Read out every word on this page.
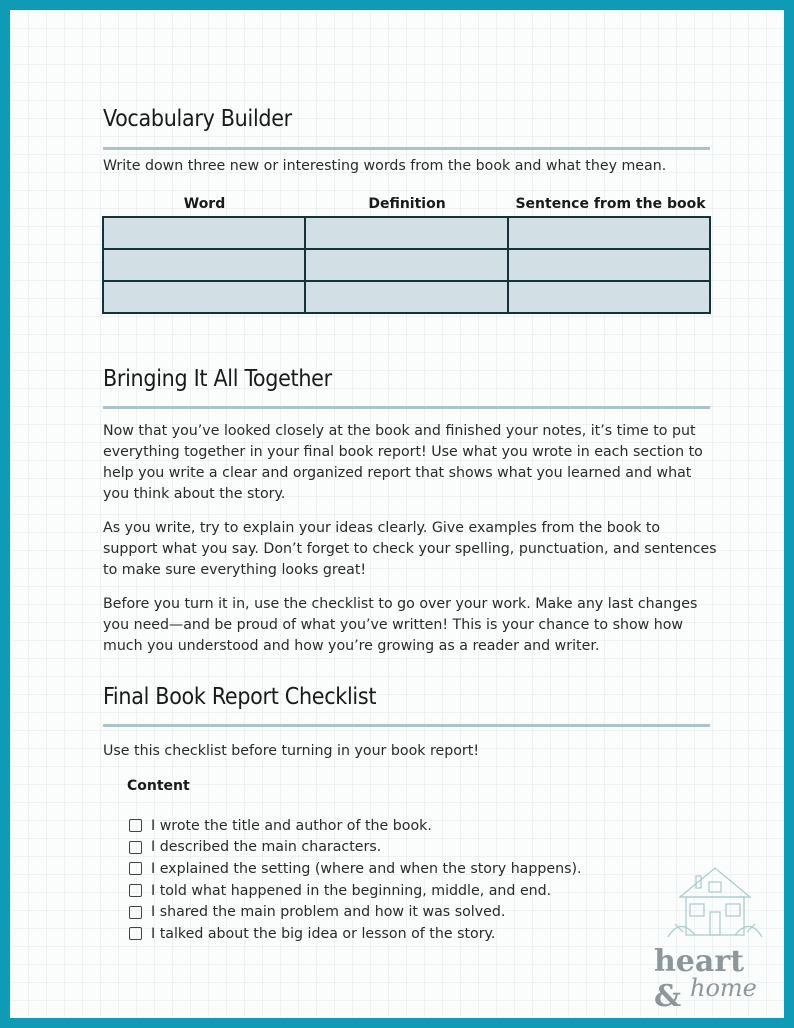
Vocabulary Builder

Write down three new or interesting words from the book and what they mean.

Word	Definition	Sentence from the book

Bringing It All Together

Now that you’ve looked closely at the book and finished your notes, it’s time to put everything together in your final book report! Use what you wrote in each section to help you write a clear and organized report that shows what you learned and what you think about the story.

As you write, try to explain your ideas clearly. Give examples from the book to support what you say. Don’t forget to check your spelling, punctuation, and sentences to make sure everything looks great!

Before you turn it in, use the checklist to go over your work. Make any last changes you need—and be proud of what you’ve written! This is your chance to show how much you understood and how you’re growing as a reader and writer.

Final Book Report Checklist

Use this checklist before turning in your book report!

Content
I wrote the title and author of the book.
I described the main characters.
I explained the setting (where and when the story happens).
I told what happened in the beginning, middle, and end.
I shared the main problem and how it was solved.
I talked about the big idea or lesson of the story.
heart & home
